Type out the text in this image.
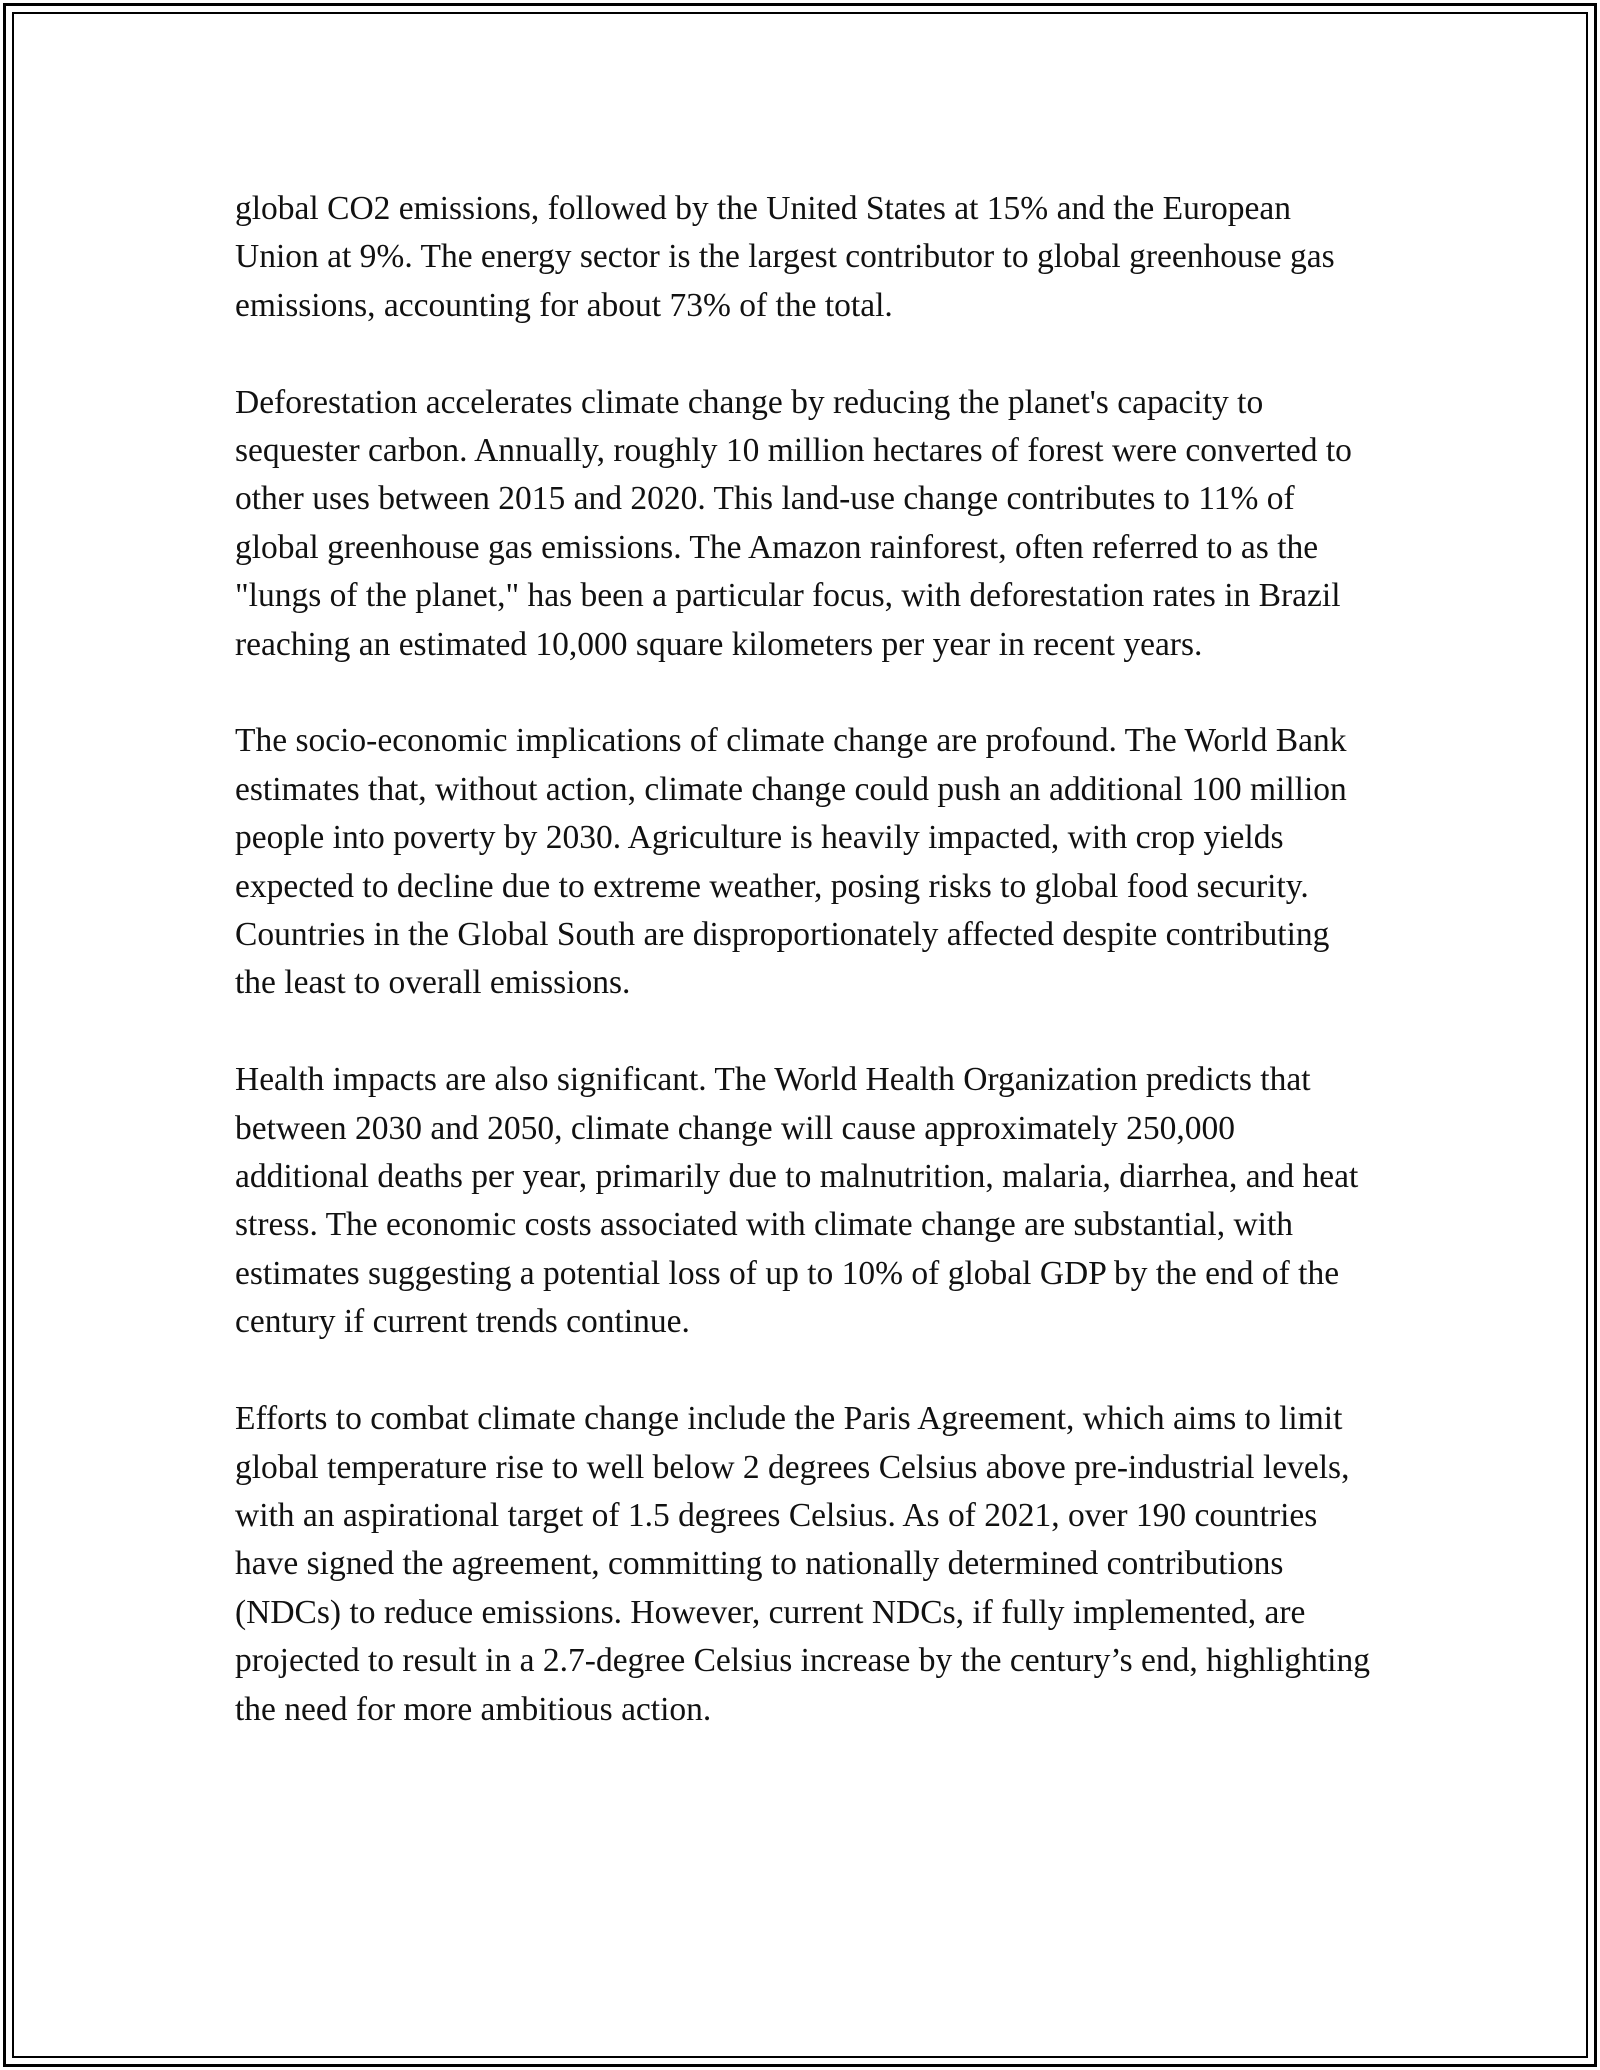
global CO2 emissions, followed by the United States at 15% and the European Union at 9%. The energy sector is the largest contributor to global greenhouse gas emissions, accounting for about 73% of the total.

Deforestation accelerates climate change by reducing the planet's capacity to sequester carbon. Annually, roughly 10 million hectares of forest were converted to other uses between 2015 and 2020. This land-use change contributes to 11% of global greenhouse gas emissions. The Amazon rainforest, often referred to as the "lungs of the planet," has been a particular focus, with deforestation rates in Brazil reaching an estimated 10,000 square kilometers per year in recent years.

The socio-economic implications of climate change are profound. The World Bank estimates that, without action, climate change could push an additional 100 million people into poverty by 2030. Agriculture is heavily impacted, with crop yields expected to decline due to extreme weather, posing risks to global food security. Countries in the Global South are disproportionately affected despite contributing the least to overall emissions.

Health impacts are also significant. The World Health Organization predicts that between 2030 and 2050, climate change will cause approximately 250,000 additional deaths per year, primarily due to malnutrition, malaria, diarrhea, and heat stress. The economic costs associated with climate change are substantial, with estimates suggesting a potential loss of up to 10% of global GDP by the end of the century if current trends continue.

Efforts to combat climate change include the Paris Agreement, which aims to limit global temperature rise to well below 2 degrees Celsius above pre-industrial levels, with an aspirational target of 1.5 degrees Celsius. As of 2021, over 190 countries have signed the agreement, committing to nationally determined contributions (NDCs) to reduce emissions. However, current NDCs, if fully implemented, are projected to result in a 2.7-degree Celsius increase by the century’s end, highlighting the need for more ambitious action.
